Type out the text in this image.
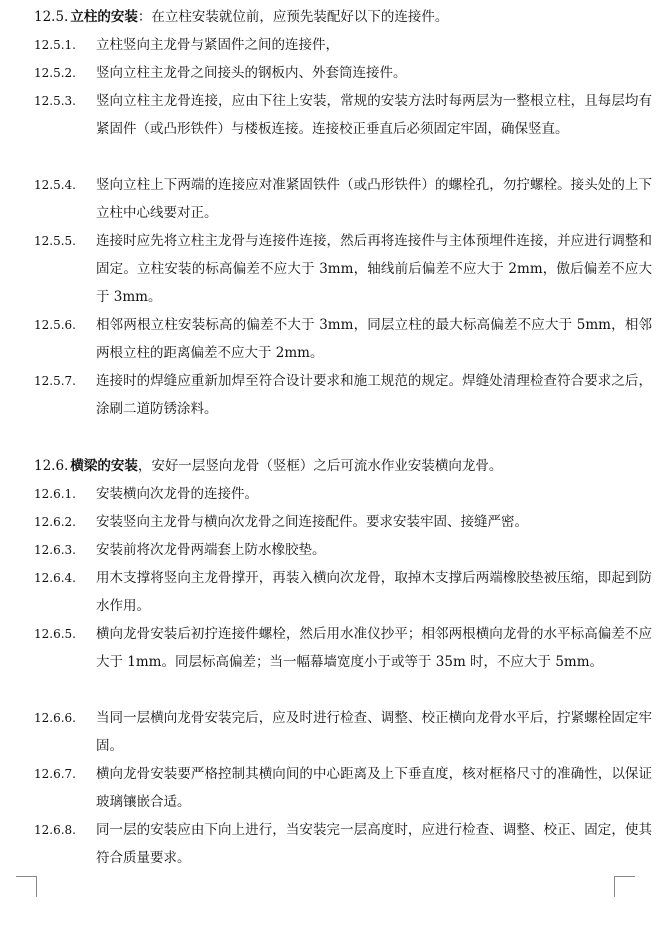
12.5. 立柱的安装：在立柱安装就位前，应预先装配好以下的连接件。
12.5.1. 立柱竖向主龙骨与紧固件之间的连接件，
12.5.2. 竖向立柱主龙骨之间接头的钢板内、外套筒连接件。
12.5.3. 竖向立柱主龙骨连接，应由下往上安装，常规的安装方法时每两层为一整根立柱，且每层均有紧固件（或凸形铁件）与楼板连接。连接校正垂直后必须固定牢固，确保竖直。
12.5.4. 竖向立柱上下两端的连接应对准紧固铁件（或凸形铁件）的螺栓孔，勿拧螺栓。接头处的上下立柱中心线要对正。
12.5.5. 连接时应先将立柱主龙骨与连接件连接，然后再将连接件与主体预埋件连接，并应进行调整和固定。立柱安装的标高偏差不应大于 3mm，轴线前后偏差不应大于 2mm，傲后偏差不应大于 3mm。
12.5.6. 相邻两根立柱安装标高的偏差不大于 3mm，同层立柱的最大标高偏差不应大于 5mm，相邻两根立柱的距离偏差不应大于 2mm。
12.5.7. 连接时的焊缝应重新加焊至符合设计要求和施工规范的规定。焊缝处清理检查符合要求之后，涂刷二道防锈涂料。
12.6. 横梁的安装，安好一层竖向龙骨（竖框）之后可流水作业安装横向龙骨。
12.6.1. 安装横向次龙骨的连接件。
12.6.2. 安装竖向主龙骨与横向次龙骨之间连接配件。要求安装牢固、接缝严密。
12.6.3. 安装前将次龙骨两端套上防水橡胶垫。
12.6.4. 用木支撑将竖向主龙骨撑开，再装入横向次龙骨，取掉木支撑后两端橡胶垫被压缩，即起到防水作用。
12.6.5. 横向龙骨安装后初拧连接件螺栓，然后用水准仪抄平；相邻两根横向龙骨的水平标高偏差不应大于 1mm。同层标高偏差；当一幅幕墙宽度小于或等于 35m 时，不应大于 5mm。
12.6.6. 当同一层横向龙骨安装完后，应及时进行检查、调整、校正横向龙骨水平后，拧紧螺栓固定牢固。
12.6.7. 横向龙骨安装要严格控制其横向间的中心距离及上下垂直度，核对框格尺寸的准确性，以保证玻璃镶嵌合适。
12.6.8. 同一层的安装应由下向上进行，当安装完一层高度时，应进行检查、调整、校正、固定，使其符合质量要求。
